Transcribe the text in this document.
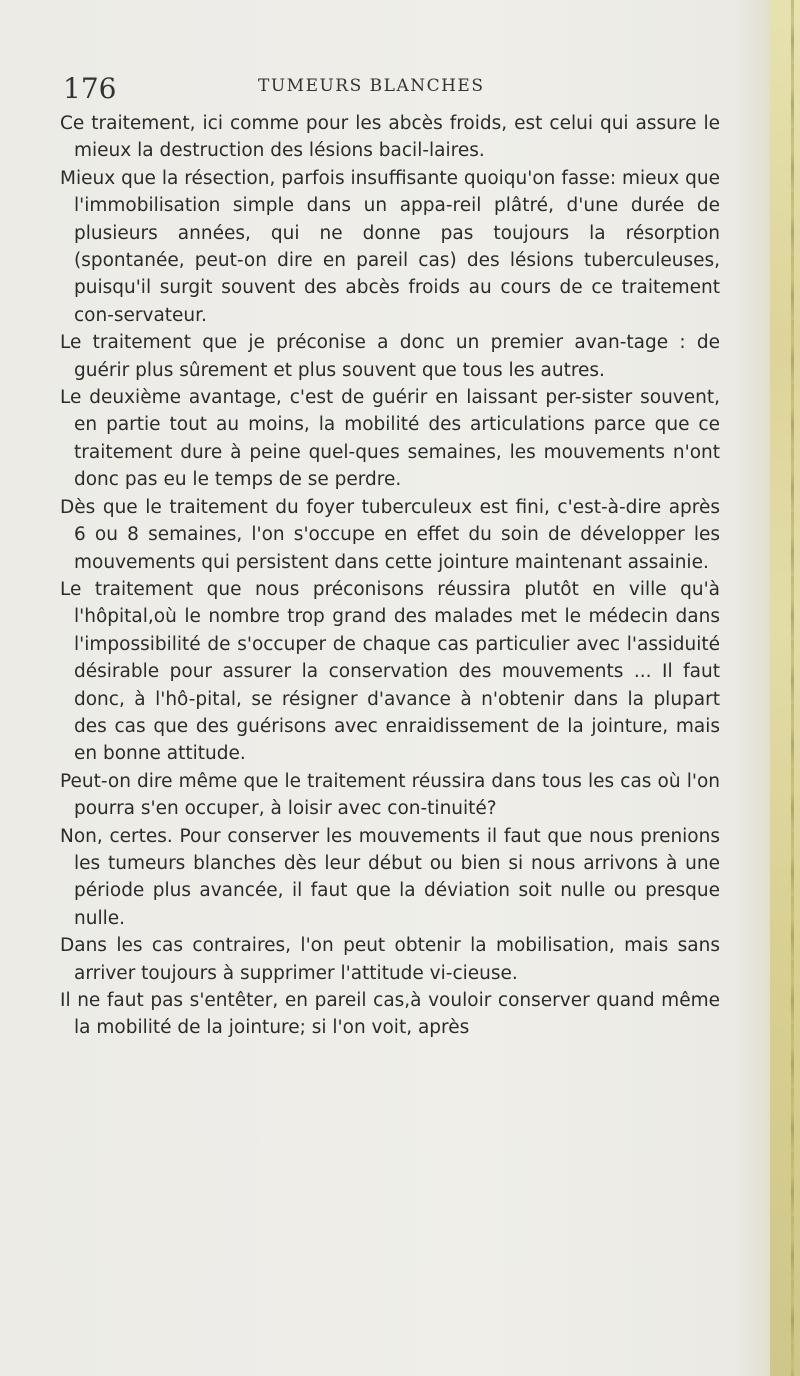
176	TUMEURS BLANCHES

Ce traitement, ici comme pour les abcès froids, est celui qui assure le mieux la destruction des lésions bacil-laires.

Mieux que la résection, parfois insuffisante quoiqu'on fasse: mieux que l'immobilisation simple dans un appa-reil plâtré, d'une durée de plusieurs années, qui ne donne pas toujours la résorption (spontanée, peut-on dire en pareil cas) des lésions tuberculeuses, puisqu'il surgit souvent des abcès froids au cours de ce traitement con-servateur.

Le traitement que je préconise a donc un premier avan-tage : de guérir plus sûrement et plus souvent que tous les autres.

Le deuxième avantage, c'est de guérir en laissant per-sister souvent, en partie tout au moins, la mobilité des articulations parce que ce traitement dure à peine quel-ques semaines, les mouvements n'ont donc pas eu le temps de se perdre.

Dès que le traitement du foyer tuberculeux est fini, c'est-à-dire après 6 ou 8 semaines, l'on s'occupe en effet du soin de développer les mouvements qui persistent dans cette jointure maintenant assainie.

Le traitement que nous préconisons réussira plutôt en ville qu'à l'hôpital,où le nombre trop grand des malades met le médecin dans l'impossibilité de s'occuper de chaque cas particulier avec l'assiduité désirable pour assurer la conservation des mouvements ... Il faut donc, à l'hô-pital, se résigner d'avance à n'obtenir dans la plupart des cas que des guérisons avec enraidissement de la jointure, mais en bonne attitude.

Peut-on dire même que le traitement réussira dans tous les cas où l'on pourra s'en occuper, à loisir avec con-tinuité?

Non, certes. Pour conserver les mouvements il faut que nous prenions les tumeurs blanches dès leur début ou bien si nous arrivons à une période plus avancée, il faut que la déviation soit nulle ou presque nulle.

Dans les cas contraires, l'on peut obtenir la mobilisation, mais sans arriver toujours à supprimer l'attitude vi-cieuse.

Il ne faut pas s'entêter, en pareil cas,à vouloir conserver quand même la mobilité de la jointure; si l'on voit, après
